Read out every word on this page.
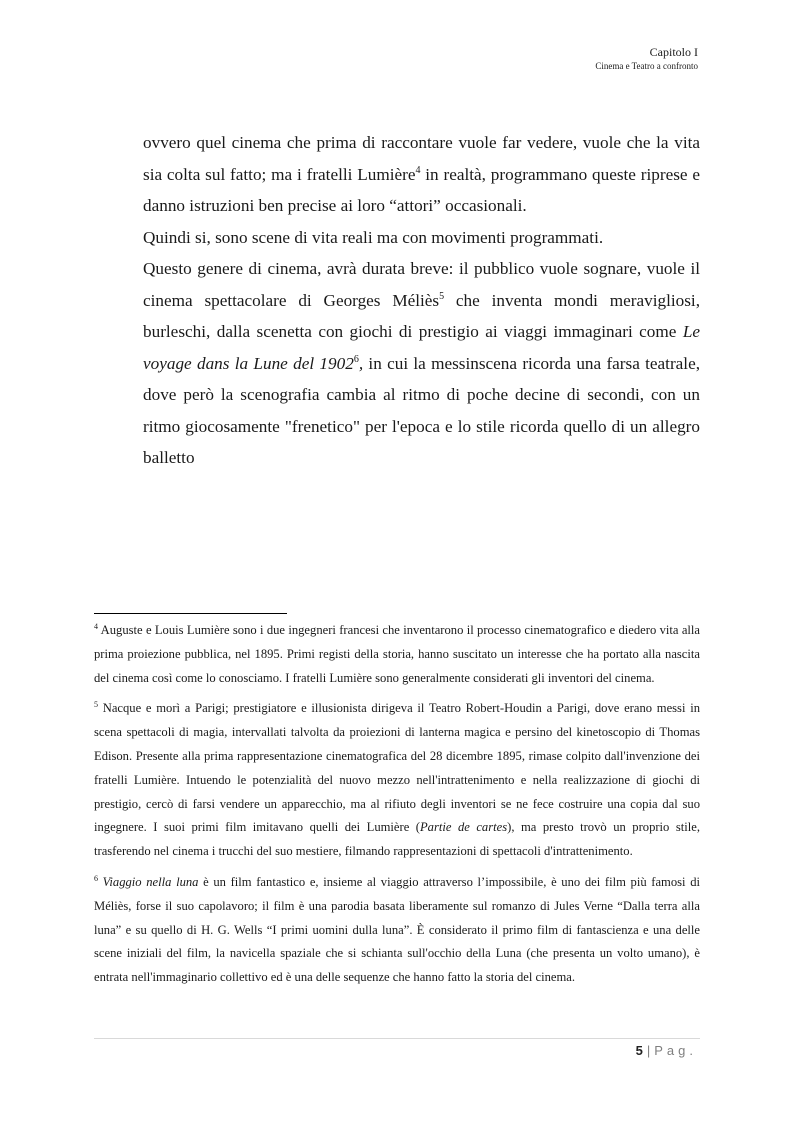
Capitolo I
Cinema e Teatro a confronto

ovvero quel cinema che prima di raccontare vuole far vedere, vuole che la vita sia colta sul fatto; ma i fratelli Lumière$^4$ in realtà, programmano queste riprese e danno istruzioni ben precise ai loro “attori” occasionali.

Quindi si, sono scene di vita reali ma con movimenti programmati.

Questo genere di cinema, avrà durata breve: il pubblico vuole sognare, vuole il cinema spettacolare di Georges Méliès$^5$ che inventa mondi meravigliosi, burleschi, dalla scenetta con giochi di prestigio ai viaggi immaginari come Le voyage dans la Lune del 1902$^6$, in cui la messinscena ricorda una farsa teatrale, dove però la scenografia cambia al ritmo di poche decine di secondi, con un ritmo giocosamente "frenetico" per l'epoca e lo stile ricorda quello di un allegro balletto

$^4$ Auguste e Louis Lumière sono i due ingegneri francesi che inventarono il processo cinematografico e diedero vita alla prima proiezione pubblica, nel 1895. Primi registi della storia, hanno suscitato un interesse che ha portato alla nascita del cinema così come lo conosciamo. I fratelli Lumière sono generalmente considerati gli inventori del cinema.

$^5$ Nacque e morì a Parigi; prestigiatore e illusionista dirigeva il Teatro Robert-Houdin a Parigi, dove erano messi in scena spettacoli di magia, intervallati talvolta da proiezioni di lanterna magica e persino del kinetoscopio di Thomas Edison. Presente alla prima rappresentazione cinematografica del 28 dicembre 1895, rimase colpito dall'invenzione dei fratelli Lumière. Intuendo le potenzialità del nuovo mezzo nell'intrattenimento e nella realizzazione di giochi di prestigio, cercò di farsi vendere un apparecchio, ma al rifiuto degli inventori se ne fece costruire una copia dal suo ingegnere. I suoi primi film imitavano quelli dei Lumière (Partie de cartes), ma presto trovò un proprio stile, trasferendo nel cinema i trucchi del suo mestiere, filmando rappresentazioni di spettacoli d'intrattenimento.

$^6$ Viaggio nella luna è un film fantastico e, insieme al viaggio attraverso l’impossibile, è uno dei film più famosi di Méliès, forse il suo capolavoro; il film è una parodia basata liberamente sul romanzo di Jules Verne “Dalla terra alla luna” e su quello di H. G. Wells “I primi uomini dulla luna”. È considerato il primo film di fantascienza e una delle scene iniziali del film, la navicella spaziale che si schianta sull'occhio della Luna (che presenta un volto umano), è entrata nell'immaginario collettivo ed è una delle sequenze che hanno fatto la storia del cinema.

5 | Pag.
